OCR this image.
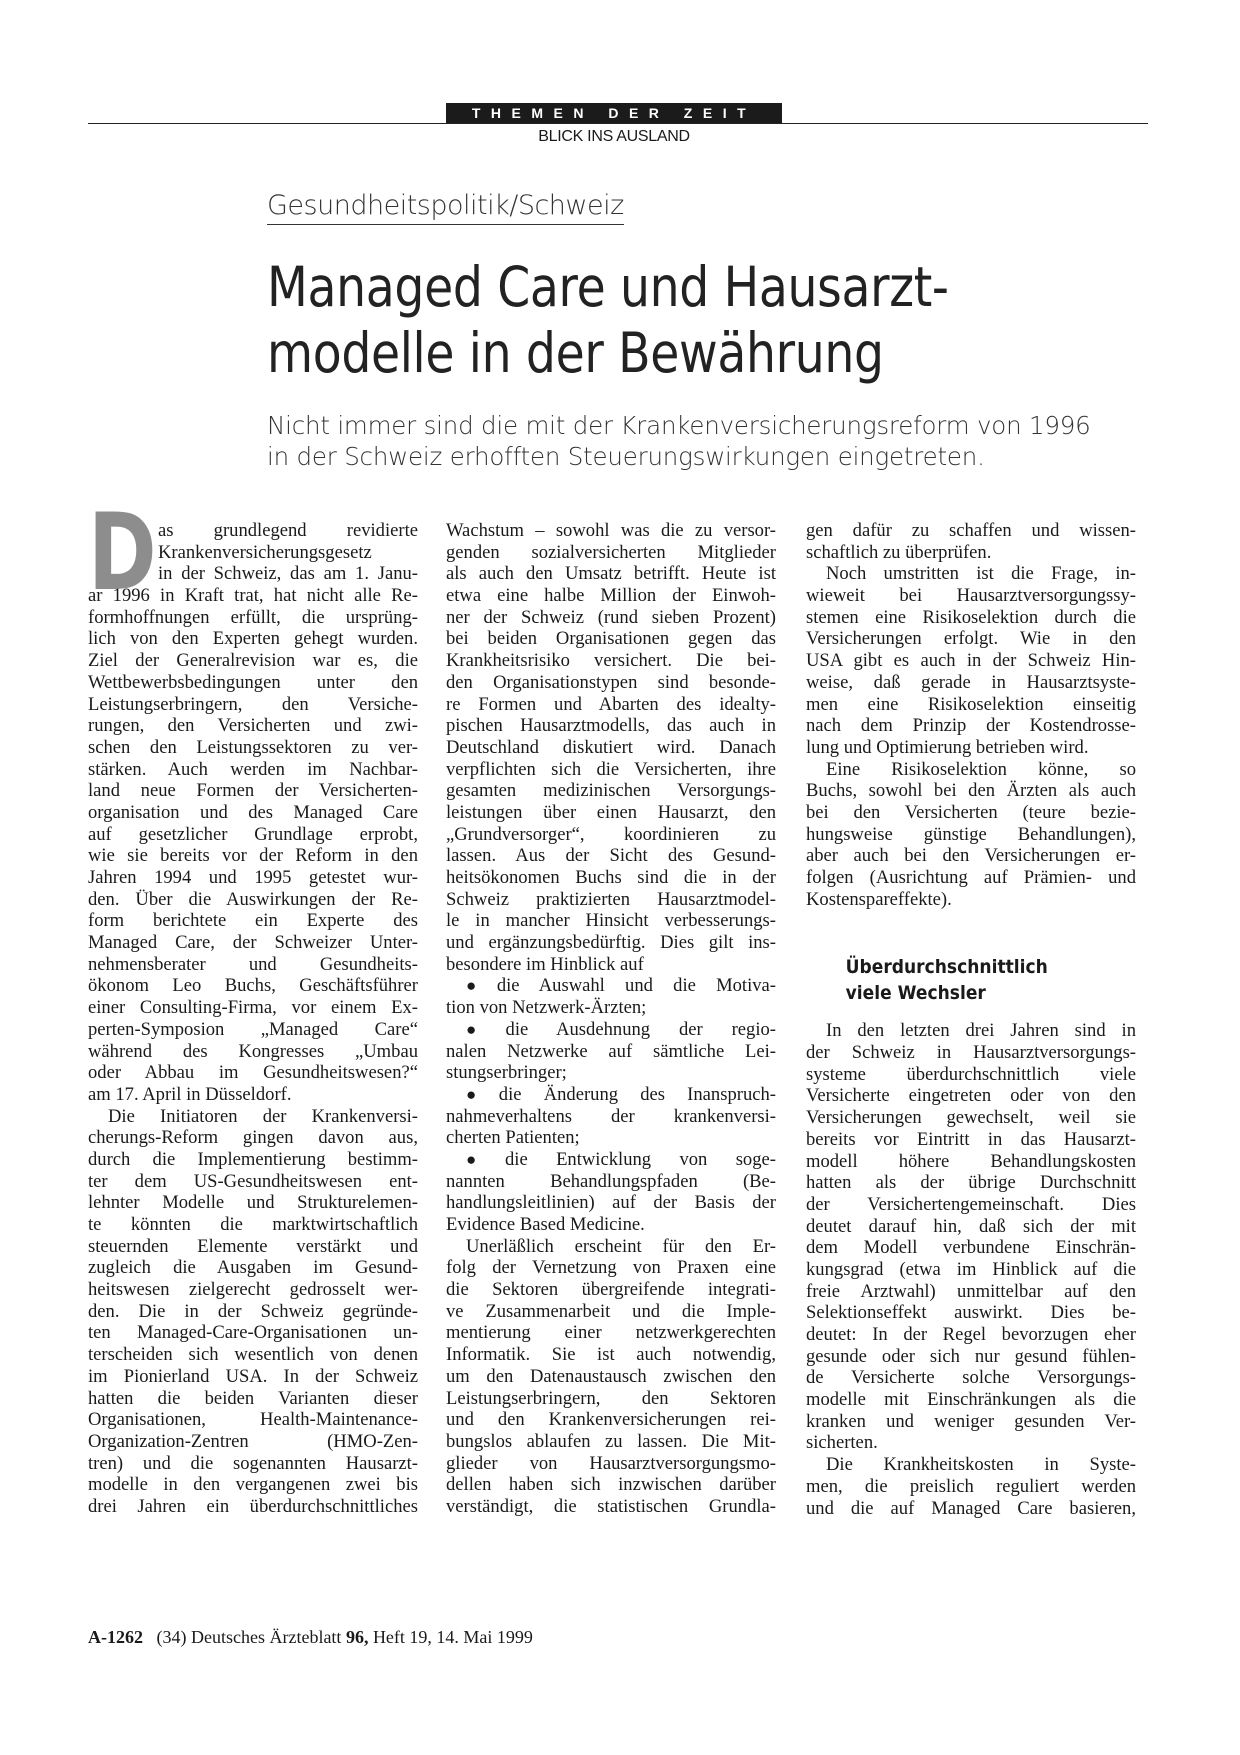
THEMEN DER ZEIT
BLICK INS AUSLAND
Gesundheitspolitik/Schweiz
Managed Care und Hausarzt-
modelle in der Bewährung
Nicht immer sind die mit der Krankenversicherungsreform von 1996
in der Schweiz erhofften Steuerungswirkungen eingetreten.
D as grundlegend revidierte
Krankenversicherungsgesetz
in der Schweiz, das am 1. Janu-
ar 1996 in Kraft trat, hat nicht alle Re-
formhoffnungen erfüllt, die ursprüng-
lich von den Experten gehegt wurden.
Ziel der Generalrevision war es, die
Wettbewerbsbedingungen unter den
Leistungserbringern, den Versiche-
rungen, den Versicherten und zwi-
schen den Leistungssektoren zu ver-
stärken. Auch werden im Nachbar-
land neue Formen der Versicherten-
organisation und des Managed Care
auf gesetzlicher Grundlage erprobt,
wie sie bereits vor der Reform in den
Jahren 1994 und 1995 getestet wur-
den. Über die Auswirkungen der Re-
form berichtete ein Experte des
Managed Care, der Schweizer Unter-
nehmensberater und Gesundheits-
ökonom Leo Buchs, Geschäftsführer
einer Consulting-Firma, vor einem Ex-
perten-Symposion „Managed Care“
während des Kongresses „Umbau
oder Abbau im Gesundheitswesen?“
am 17. April in Düsseldorf.
Die Initiatoren der Krankenversi-
cherungs-Reform gingen davon aus,
durch die Implementierung bestimm-
ter dem US-Gesundheitswesen ent-
lehnter Modelle und Strukturelemen-
te könnten die marktwirtschaftlich
steuernden Elemente verstärkt und
zugleich die Ausgaben im Gesund-
heitswesen zielgerecht gedrosselt wer-
den. Die in der Schweiz gegründe-
ten Managed-Care-Organisationen un-
terscheiden sich wesentlich von denen
im Pionierland USA. In der Schweiz
hatten die beiden Varianten dieser
Organisationen, Health-Maintenance-
Organization-Zentren (HMO-Zen-
tren) und die sogenannten Hausarzt-
modelle in den vergangenen zwei bis
drei Jahren ein überdurchschnittliches
Wachstum – sowohl was die zu versor-
genden sozialversicherten Mitglieder
als auch den Umsatz betrifft. Heute ist
etwa eine halbe Million der Einwoh-
ner der Schweiz (rund sieben Prozent)
bei beiden Organisationen gegen das
Krankheitsrisiko versichert. Die bei-
den Organisationstypen sind besonde-
re Formen und Abarten des idealty-
pischen Hausarztmodells, das auch in
Deutschland diskutiert wird. Danach
verpflichten sich die Versicherten, ihre
gesamten medizinischen Versorgungs-
leistungen über einen Hausarzt, den
„Grundversorger“, koordinieren zu
lassen. Aus der Sicht des Gesund-
heitsökonomen Buchs sind die in der
Schweiz praktizierten Hausarztmodel-
le in mancher Hinsicht verbesserungs-
und ergänzungsbedürftig. Dies gilt ins-
besondere im Hinblick auf
● die Auswahl und die Motiva-
tion von Netzwerk-Ärzten;
● die Ausdehnung der regio-
nalen Netzwerke auf sämtliche Lei-
stungserbringer;
● die Änderung des Inanspruch-
nahmeverhaltens der krankenversi-
cherten Patienten;
● die Entwicklung von soge-
nannten Behandlungspfaden (Be-
handlungsleitlinien) auf der Basis der
Evidence Based Medicine.
Unerläßlich erscheint für den Er-
folg der Vernetzung von Praxen eine
die Sektoren übergreifende integrati-
ve Zusammenarbeit und die Imple-
mentierung einer netzwerkgerechten
Informatik. Sie ist auch notwendig,
um den Datenaustausch zwischen den
Leistungserbringern, den Sektoren
und den Krankenversicherungen rei-
bungslos ablaufen zu lassen. Die Mit-
glieder von Hausarztversorgungsmo-
dellen haben sich inzwischen darüber
verständigt, die statistischen Grundla-
gen dafür zu schaffen und wissen-
schaftlich zu überprüfen.
Noch umstritten ist die Frage, in-
wieweit bei Hausarztversorgungssy-
stemen eine Risikoselektion durch die
Versicherungen erfolgt. Wie in den
USA gibt es auch in der Schweiz Hin-
weise, daß gerade in Hausarztsyste-
men eine Risikoselektion einseitig
nach dem Prinzip der Kostendrosse-
lung und Optimierung betrieben wird.
Eine Risikoselektion könne, so
Buchs, sowohl bei den Ärzten als auch
bei den Versicherten (teure bezie-
hungsweise günstige Behandlungen),
aber auch bei den Versicherungen er-
folgen (Ausrichtung auf Prämien- und
Kostenspareffekte).
Überdurchschnittlich
viele Wechsler
In den letzten drei Jahren sind in
der Schweiz in Hausarztversorgungs-
systeme überdurchschnittlich viele
Versicherte eingetreten oder von den
Versicherungen gewechselt, weil sie
bereits vor Eintritt in das Hausarzt-
modell höhere Behandlungskosten
hatten als der übrige Durchschnitt
der Versichertengemeinschaft. Dies
deutet darauf hin, daß sich der mit
dem Modell verbundene Einschrän-
kungsgrad (etwa im Hinblick auf die
freie Arztwahl) unmittelbar auf den
Selektionseffekt auswirkt. Dies be-
deutet: In der Regel bevorzugen eher
gesunde oder sich nur gesund fühlen-
de Versicherte solche Versorgungs-
modelle mit Einschränkungen als die
kranken und weniger gesunden Ver-
sicherten.
Die Krankheitskosten in Syste-
men, die preislich reguliert werden
und die auf Managed Care basieren,
A-1262 (34) Deutsches Ärzteblatt 96, Heft 19, 14. Mai 1999
